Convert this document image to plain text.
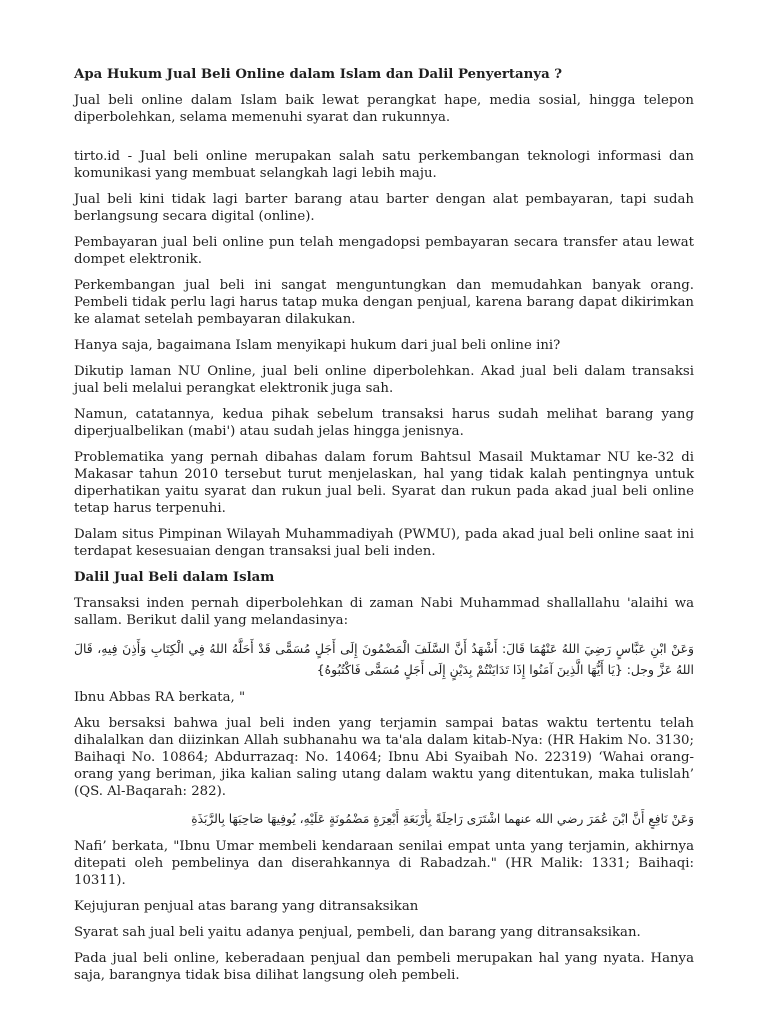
Apa Hukum Jual Beli Online dalam Islam dan Dalil Penyertanya ?

Jual beli online dalam Islam baik lewat perangkat hape, media sosial, hingga telepon diperbolehkan, selama memenuhi syarat dan rukunnya.

tirto.id - Jual beli online merupakan salah satu perkembangan teknologi informasi dan komunikasi yang membuat selangkah lagi lebih maju.

Jual beli kini tidak lagi barter barang atau barter dengan alat pembayaran, tapi sudah berlangsung secara digital (online).

Pembayaran jual beli online pun telah mengadopsi pembayaran secara transfer atau lewat dompet elektronik.

Perkembangan jual beli ini sangat menguntungkan dan memudahkan banyak orang. Pembeli tidak perlu lagi harus tatap muka dengan penjual, karena barang dapat dikirimkan ke alamat setelah pembayaran dilakukan.

Hanya saja, bagaimana Islam menyikapi hukum dari jual beli online ini?

Dikutip laman NU Online, jual beli online diperbolehkan. Akad jual beli dalam transaksi jual beli melalui perangkat elektronik juga sah.

Namun, catatannya, kedua pihak sebelum transaksi harus sudah melihat barang yang diperjualbelikan (mabi') atau sudah jelas hingga jenisnya.

Problematika yang pernah dibahas dalam forum Bahtsul Masail Muktamar NU ke-32 di Makasar tahun 2010 tersebut turut menjelaskan, hal yang tidak kalah pentingnya untuk diperhatikan yaitu syarat dan rukun jual beli. Syarat dan rukun pada akad jual beli online tetap harus terpenuhi.

Dalam situs Pimpinan Wilayah Muhammadiyah (PWMU), pada akad jual beli online saat ini terdapat kesesuaian dengan transaksi jual beli inden.

Dalil Jual Beli dalam Islam

Transaksi inden pernah diperbolehkan di zaman Nabi Muhammad shallallahu 'alaihi wa sallam. Berikut dalil yang melandasinya:

وَعَنْ ابْنِ عَبَّاسٍ رَضِيَ اللهُ عَنْهُمَا قَالَ: أَشْهَدُ أَنَّ السَّلَفَ الْمَضْمُونَ إِلَى أَجَلٍ مُسَمًّى قَدْ أَحَلَّهُ اللهُ فِي الْكِتَابِ وَأَذِنَ فِيهِ، قَالَ اللهُ عَزَّ وجل: {يَا أَيُّهَا الَّذِينَ آمَنُوا إِذَا تَدَايَنْتُمْ بِدَيْنٍ إِلَى أَجَلٍ مُسَمًّى فَاكْتُبُوهُ}

Ibnu Abbas RA berkata, "

Aku bersaksi bahwa jual beli inden yang terjamin sampai batas waktu tertentu telah dihalalkan dan diizinkan Allah subhanahu wa ta'ala dalam kitab-Nya: (HR Hakim No. 3130; Baihaqi No. 10864; Abdurrazaq: No. 14064; Ibnu Abi Syaibah No. 22319) ‘Wahai orang-orang yang beriman, jika kalian saling utang dalam waktu yang ditentukan, maka tulislah’ (QS. Al-Baqarah: 282).

وَعَنْ نَافِعٍ أَنَّ ابْنَ عُمَرَ رضي الله عنهما اشْتَرَى رَاحِلَةً بِأَرْبَعَةِ أَبْعِرَةٍ مَضْمُونَةٍ عَلَيْهِ، يُوفِيهَا صَاحِبَهَا بِالرَّبَذَةِ

Nafi’ berkata, "Ibnu Umar membeli kendaraan senilai empat unta yang terjamin, akhirnya ditepati oleh pembelinya dan diserahkannya di Rabadzah." (HR Malik: 1331; Baihaqi: 10311).

Kejujuran penjual atas barang yang ditransaksikan

Syarat sah jual beli yaitu adanya penjual, pembeli, dan barang yang ditransaksikan.

Pada jual beli online, keberadaan penjual dan pembeli merupakan hal yang nyata. Hanya saja, barangnya tidak bisa dilihat langsung oleh pembeli.
